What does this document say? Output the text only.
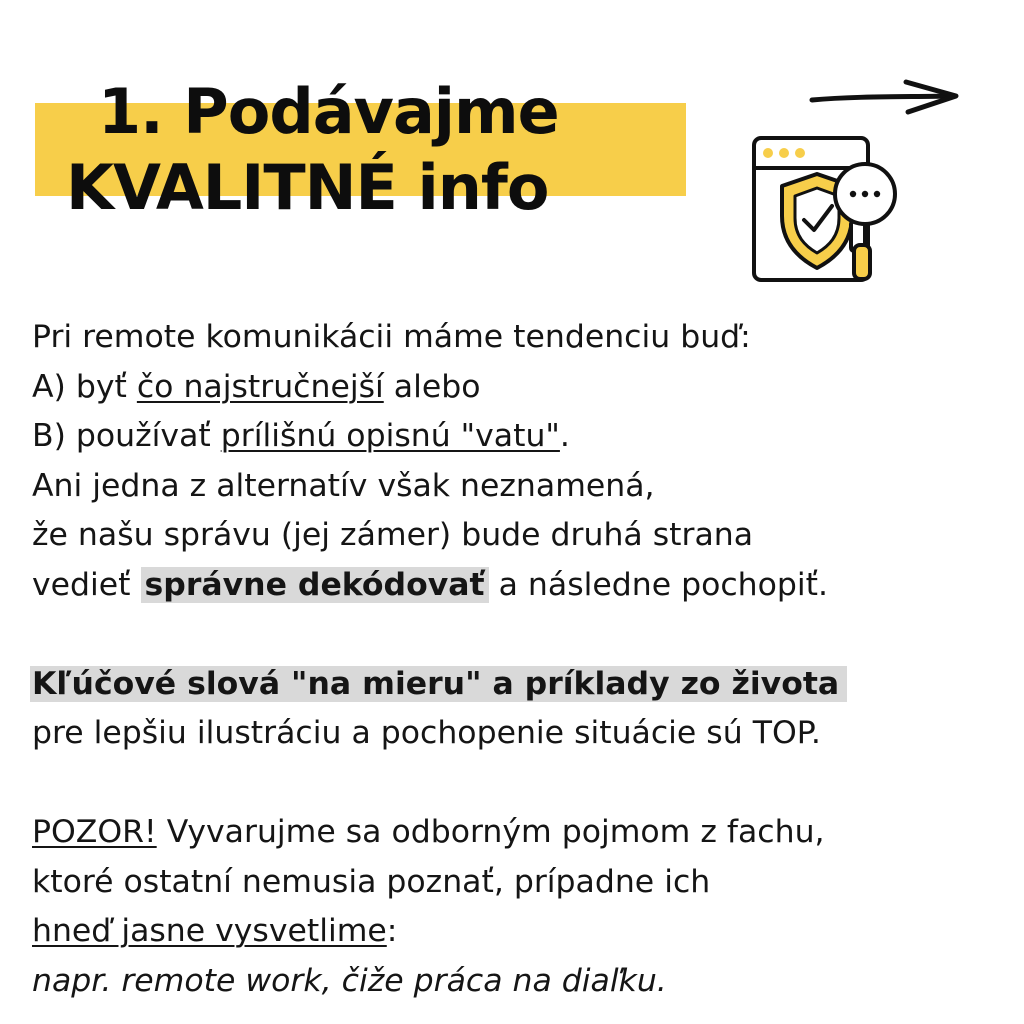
1. Podávajme
KVALITNÉ info
Pri remote komunikácii máme tendenciu buď:
A) byť čo najstručnejší alebo
B) používať prílišnú opisnú "vatu".
Ani jedna z alternatív však neznamená,
že našu správu (jej zámer) bude druhá strana
vedieť správne dekódovať a následne pochopiť.
Kľúčové slová "na mieru" a príklady zo života
pre lepšiu ilustráciu a pochopenie situácie sú TOP.
POZOR! Vyvarujme sa odborným pojmom z fachu,
ktoré ostatní nemusia poznať, prípadne ich
hneď jasne vysvetlime:
napr. remote work, čiže práca na diaľku.
